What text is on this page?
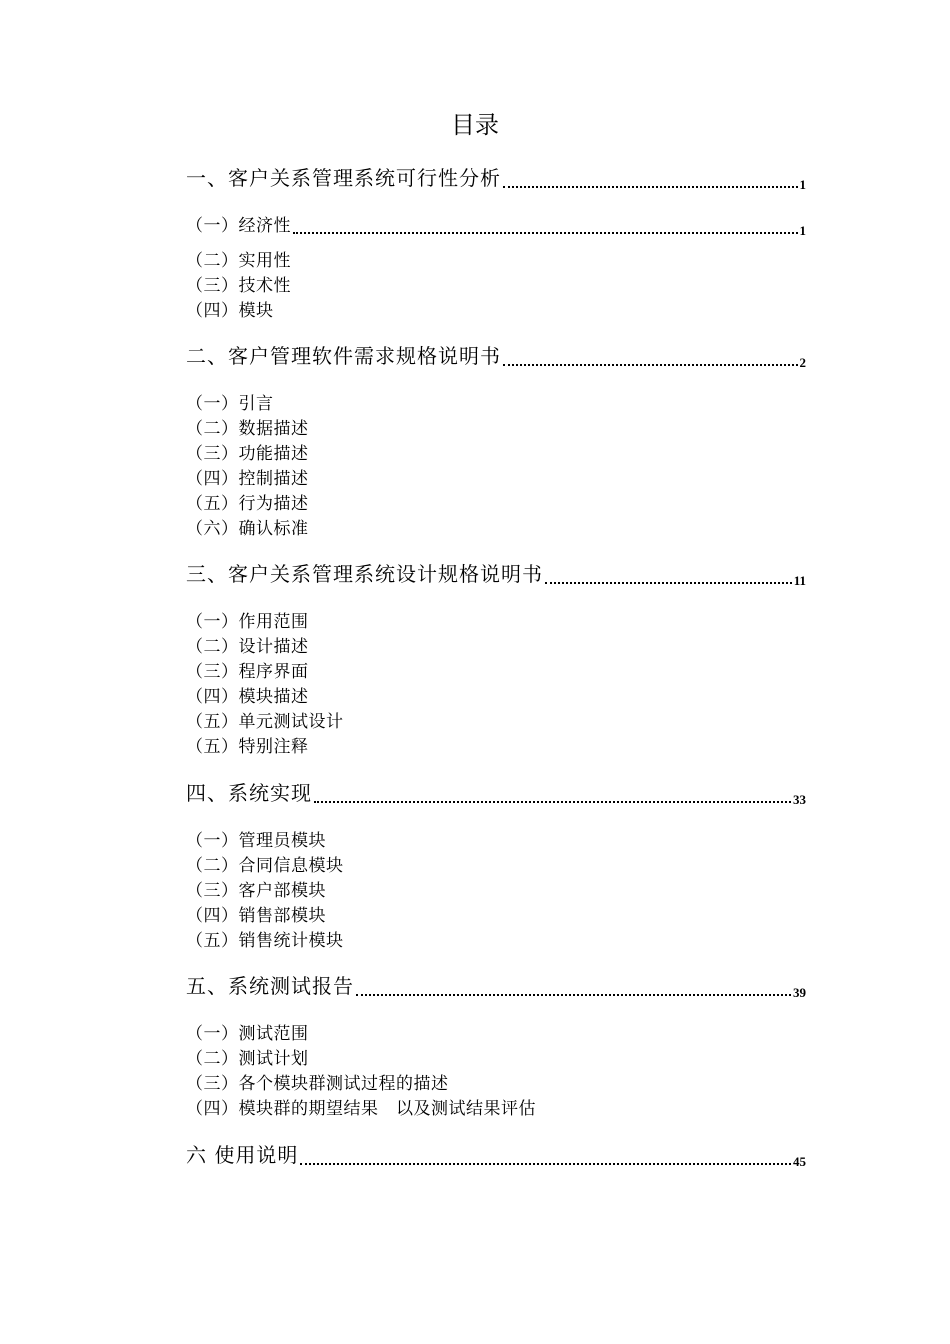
目录
一、客户关系管理系统可行性分析	1
（一）经济性	1
（二）实用性
（三）技术性
（四）模块
二、客户管理软件需求规格说明书	2
（一）引言
（二）数据描述
（三）功能描述
（四）控制描述
（五）行为描述
（六）确认标准
三、客户关系管理系统设计规格说明书	11
（一）作用范围
（二）设计描述
（三）程序界面
（四）模块描述
（五）单元测试设计
（五）特别注释
四、系统实现	33
（一）管理员模块
（二）合同信息模块
（三）客户部模块
（四）销售部模块
（五）销售统计模块
五、系统测试报告	39
（一）测试范围
（二）测试计划
（三）各个模块群测试过程的描述
（四）模块群的期望结果　以及测试结果评估
六 使用说明	45
